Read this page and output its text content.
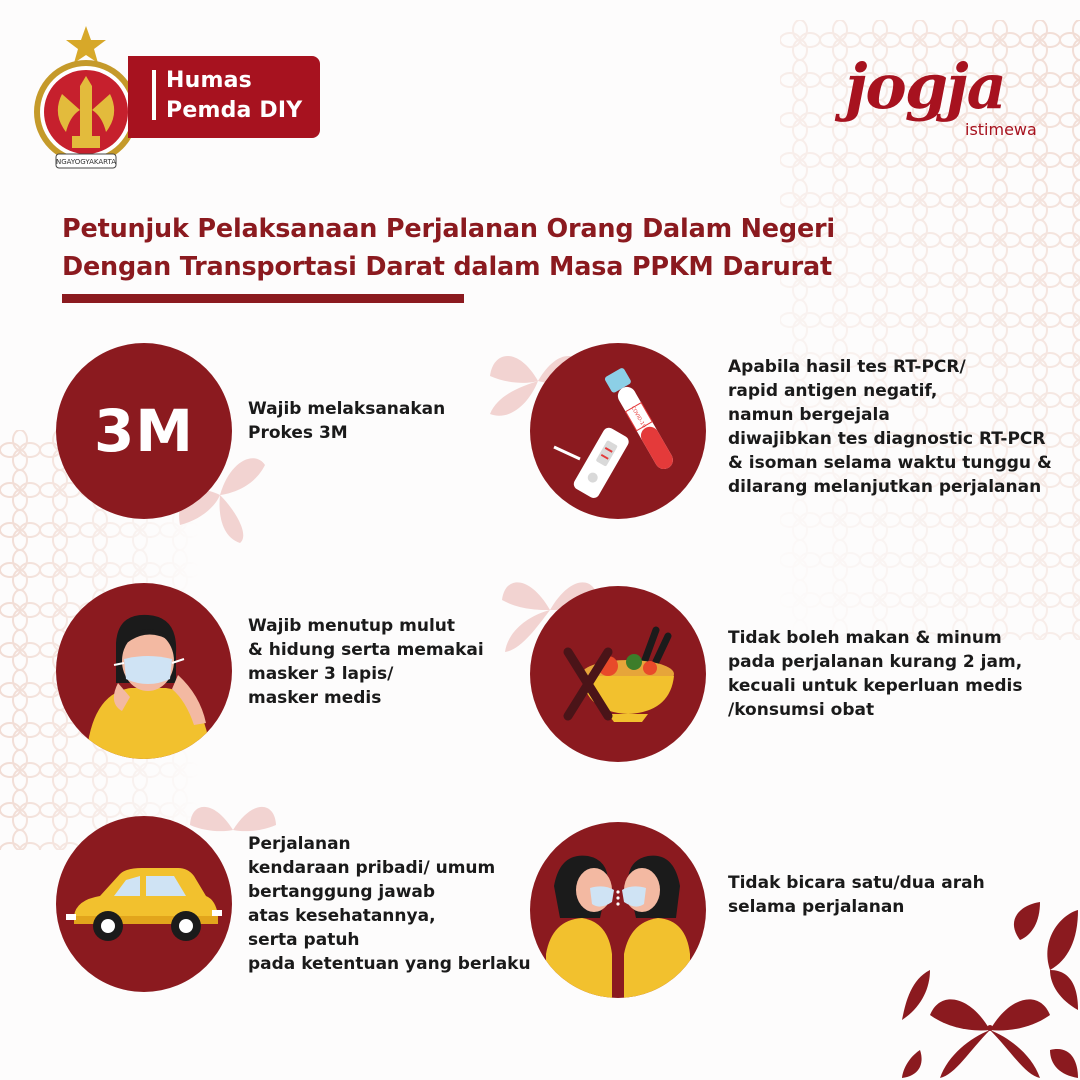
NGAYOGYAKARTA
Humas
Pemda DIY	jogja
istimewa
Petunjuk Pelaksanaan Perjalanan Orang Dalam Negeri
Dengan Transportasi Darat dalam Masa PPKM Darurat
3M	Wajib melaksanakan
Prokes 3M
Wajib menutup mulut
& hidung serta memakai
masker 3 lapis/
masker medis
Perjalanan
kendaraan pribadi/ umum
bertanggung jawab
atas kesehatannya,
serta patuh
pada ketentuan yang berlaku
COVID-19
Apabila hasil tes RT-PCR/
rapid antigen negatif,
namun bergejala
diwajibkan tes diagnostic RT-PCR
& isoman selama waktu tunggu &
dilarang melanjutkan perjalanan
Tidak boleh makan & minum
pada perjalanan kurang 2 jam,
kecuali untuk keperluan medis
/konsumsi obat
Tidak bicara satu/dua arah
selama perjalanan
